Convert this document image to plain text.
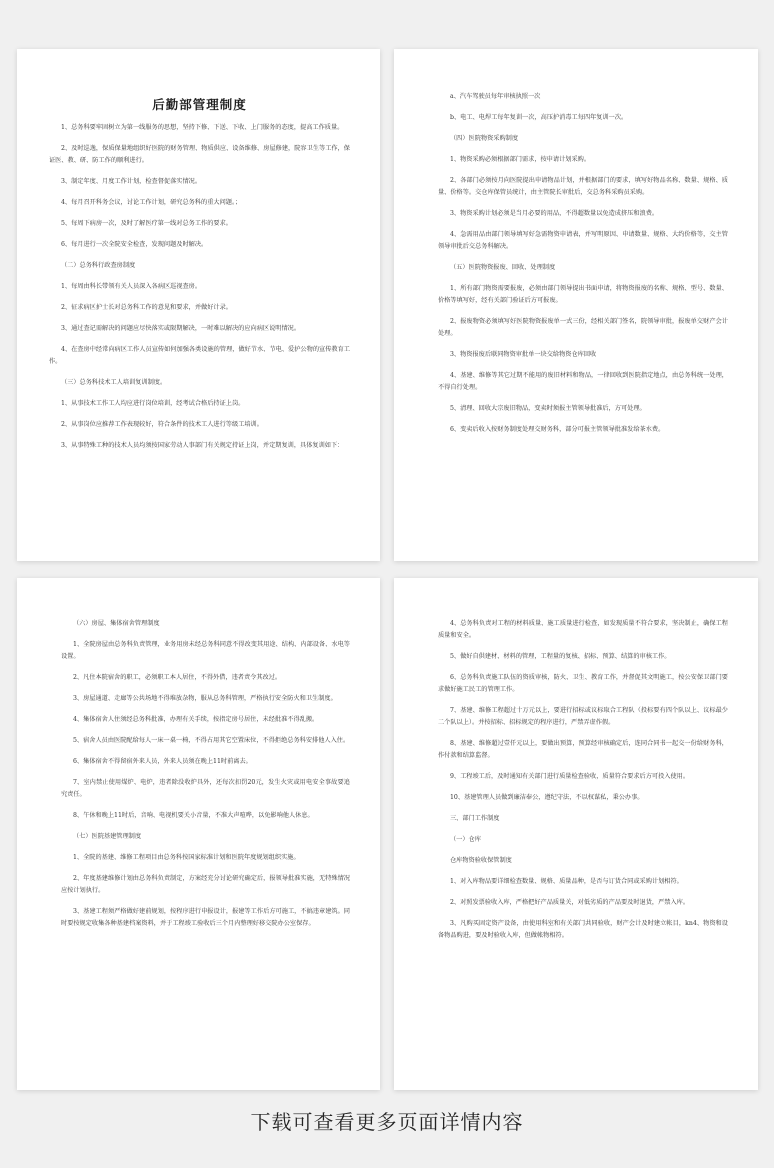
后勤部管理制度

1、总务科要牢固树立为第一线服务的思想，坚持下修、下送、下收、上门服务的态度，提高工作质量。

2、及时巡逸，保质保量地组织好医院的财务管理、物质供应、设备维修、房屋修建，院容卫生等工作，保证医、教、研、防工作的顺利进行。

3、制定年度、月度工作计划，检查督促落实情况。

4、每月召开科务会议，讨论工作计划，研究总务科的重大问题。；

5、每周下病房一次，及时了解医疗第一线对总务工作的要求。

6、每月进行一次全院安全检查，发现问题及时解决。

（二）总务科行政查房制度

1、每周由科长带领有关人员深入各病区巡视查房。

2、征求病区护士长对总务科工作的意见和要求，并做好计录。

3、通过查记需解决的问题应尽快落实或限期解决，一时难以解决的应向病区说明情况。

4、在查房中经常向病区工作人员宣传如何加强各类设施的管理，做好节水、节电、爱护公物的宣传教育工作。

（三）总务科技术工人培训复训制度。

1、从事技术工作工人均应进行岗位培训，经考试合格后持证上岗。

2、从事岗位应推荐工作表现较好，符合条件的技术工人进行等级工培训。

3、从事特殊工种的技术人员均须按国家劳动人事部门有关规定持证上岗，并定期复训，具体复训如下：

a、汽车驾驶员每年审核执照一次

b、电工、电焊工每年复训一次，高压护消毒工每四年复训一次。

（四）医院物资采购制度

1、物资采购必须根据部门需求，按申请计划采购。

2、各部门必须按月向医院提出申请物品计划，并根据部门的要求，填写好物品名称、数量、规格、质量、价格等。交仓库保管员统计，由主管院长审批后，交总务科采购员采购。

3、物资采购计划必须是当月必要的用品，不得超数量以免造成挤压和浪费。

4、急需用品由部门领导填写好急需物资申请表，并写明原因、申请数量、规格、大约价格等，交主管领导审批后交总务科解决。

（五）医院物资报废、回收、处理制度

1、所有部门物资需要报废，必须由部门领导提出书面申请，将物资报废的名称、规格、型号、数量、价格等填写好，经有关部门验证后方可报废。

2、报废物资必须填写好医院物资报废单一式三份，经相关部门签名，院领导审批，报废单交财产会计处理。

3、物资报废后联同物资审批单一块交给物资仓库回收

4、基建、维修等其它过期不能用的废旧材料和物品，一律回收到医院指定地点，由总务科统一处理，不得自行处理。

5、清理、回收大宗废旧物品，变卖时须报主管领导批准后，方可处理。

6、变卖后收入按财务制度处理交财务科，部分可报主管领导批准发给茶水费。

（六）房屋、集体宿舍管理制度

1、全院房屋由总务科负责管理，业务用房未经总务科同意不得改变其用途、结构、内部设备、水电等设置。

2、凡住本院宿舍的职工，必须职工本人居住，不得外借，违者责令其改过。

3、房屋通道、走廊等公共场地不得堆放杂物，服从总务科管理，严格执行安全防火和卫生制度。

4、集体宿舍人住须经总务科批准，办理有关手续，按指定房号居住，未经批准不得乱搬。

5、宿舍人员由医院配给每人一床一桌一椅，不得占用其它空置床位，不得拒绝总务科安排他人入住。

6、集体宿舍不得留宿外来人员，外来人员须在晚上11时前离去。

7、室内禁止使用煤炉、电炉，违者除没收炉具外，还每次扣罚20元，发生火灾或用电安全事故要追究责任。

8、午休和晚上11时后，音响、电视机要关小音量，不准大声喧哗，以免影响他人休息。

（七）医院基建管理制度

1、全院的基建、维修工程项目由总务科按国家标准计划和医院年度规划组织实施。

2、年度基建维修计划由总务科负责制定，方案经充分讨论研究确定后，报领导批准实施，无特殊情况应按计划执行。

3、基建工程须严格做好建前规划，按程序进行申报设计，报建等工作后方可施工，不搞违章建筑。同时要按规定收集各种基建档案资料，并于工程竣工验收后三个月内整理好移交院办公室保存。

4、总务科负责对工程的材料质量、施工质量进行检查，如发现质量不符合要求，坚决制止，确保工程质量和安全。

5、做好自供建材、材料的管理，工程量的复核、招标、预算、结算的审核工作。

6、总务科负责施工队伍的资质审核，防火、卫生、教育工作，并督促其文明施工，按公安保卫部门要求做好施工民工的管理工作。

7、基建、维修工程超过十万元以上，要进行招标或议标取合工程队（投标要有四个队以上、议标最少二个队以上）。并按招标、招标规定的程序进行，严禁弄虚作假。

8、基建、维修超过壹仟元以上，要做出预算，预算经审核确定后，连同合同书一起交一份给财务科，作付款和结算监督。

9、工程竣工后，及时通知有关部门进行质量检查验收，质量符合要求后方可投入使用。

10、基建管理人员做到廉洁奉公，遵纪守法，不以权谋私，秉公办事。

三、部门工作制度

（一）仓库

仓库物资验收保管制度

1、对入库物品要详细检查数量、规格、质量品种，是否与订货合同或采购计划相符。

2、对照发票验收入库，严格把好产品质量关，对低劣质的产品要及时退货，严禁入库。

3、凡购买固定资产设备，由使用科室和有关部门共同验收，财产会计及时建立帐目，kn4、物资和设备物品购进，要及时验收入库，但做帐物相符。

下载可查看更多页面详情内容
